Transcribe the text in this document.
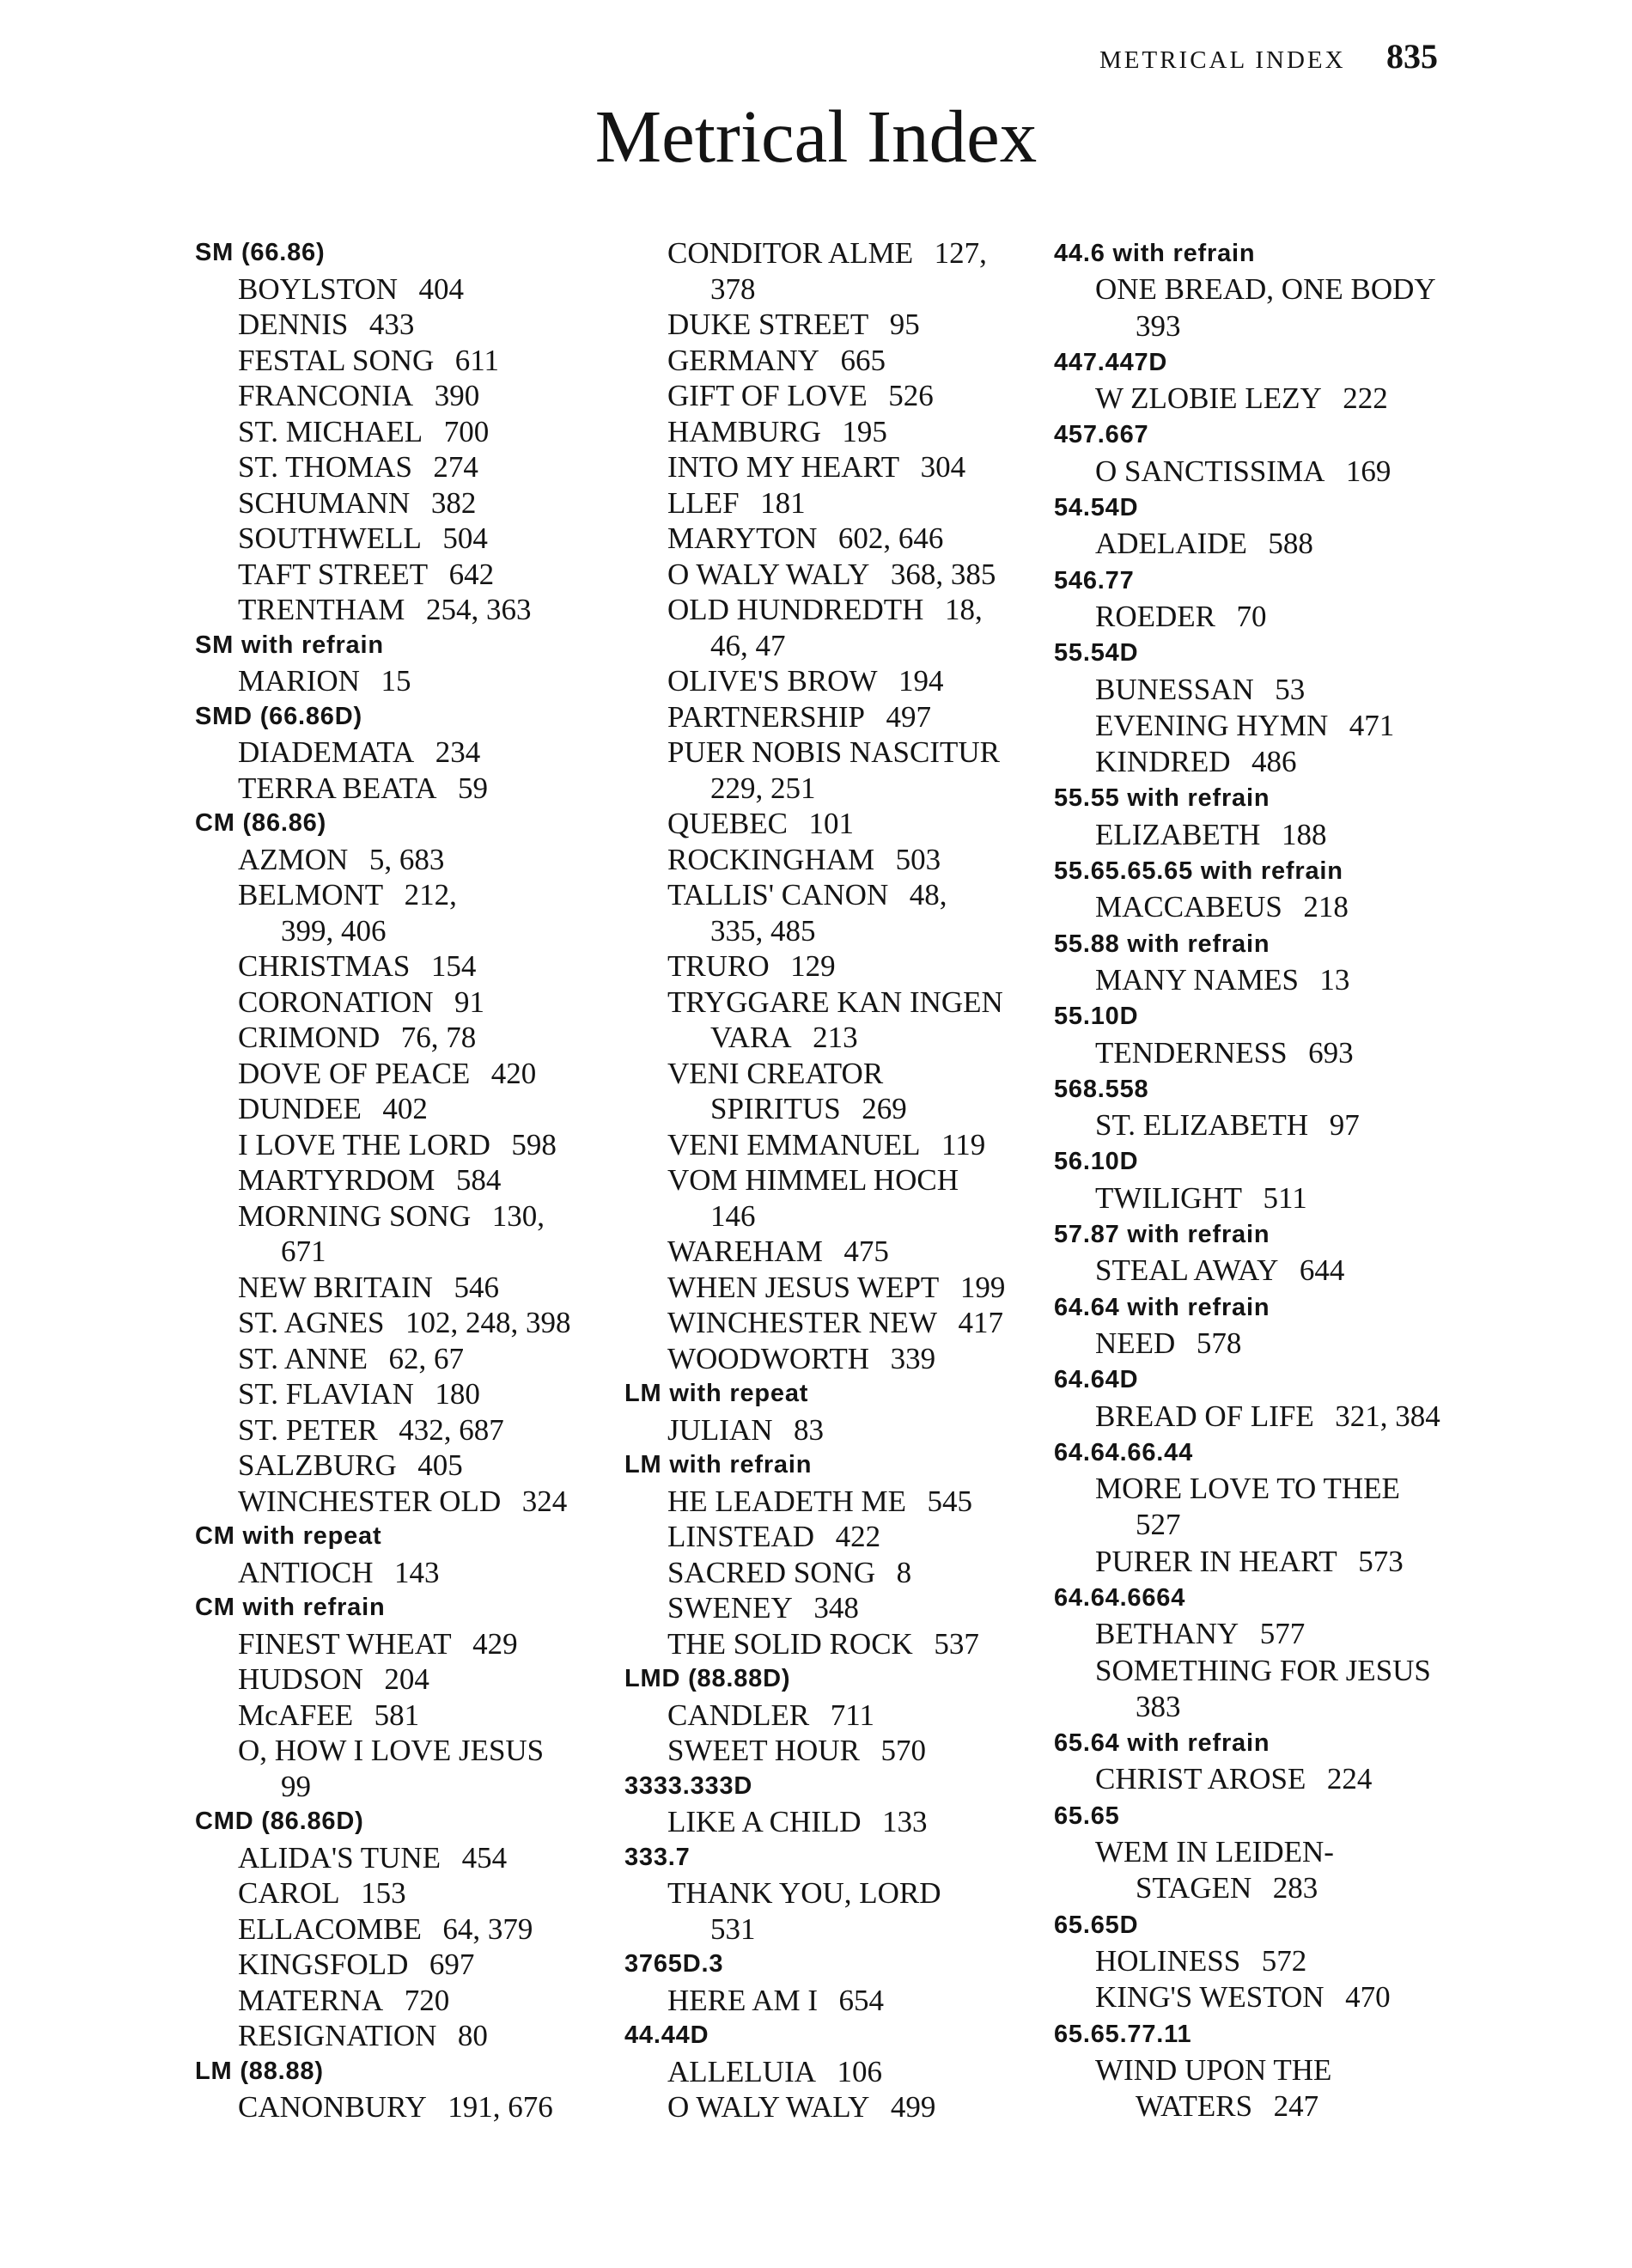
METRICAL INDEX 835
Metrical Index
SM (66.86)
BOYLSTON 404
DENNIS 433
FESTAL SONG 611
FRANCONIA 390
ST. MICHAEL 700
ST. THOMAS 274
SCHUMANN 382
SOUTHWELL 504
TAFT STREET 642
TRENTHAM 254, 363
SM with refrain
MARION 15
SMD (66.86D)
DIADEMATA 234
TERRA BEATA 59
CM (86.86)
AZMON 5, 683
BELMONT 212,
399, 406
CHRISTMAS 154
CORONATION 91
CRIMOND 76, 78
DOVE OF PEACE 420
DUNDEE 402
I LOVE THE LORD 598
MARTYRDOM 584
MORNING SONG 130,
671
NEW BRITAIN 546
ST. AGNES 102, 248, 398
ST. ANNE 62, 67
ST. FLAVIAN 180
ST. PETER 432, 687
SALZBURG 405
WINCHESTER OLD 324
CM with repeat
ANTIOCH 143
CM with refrain
FINEST WHEAT 429
HUDSON 204
McAFEE 581
O, HOW I LOVE JESUS
99
CMD (86.86D)
ALIDA'S TUNE 454
CAROL 153
ELLACOMBE 64, 379
KINGSFOLD 697
MATERNA 720
RESIGNATION 80
LM (88.88)
CANONBURY 191, 676
CONDITOR ALME 127,
378
DUKE STREET 95
GERMANY 665
GIFT OF LOVE 526
HAMBURG 195
INTO MY HEART 304
LLEF 181
MARYTON 602, 646
O WALY WALY 368, 385
OLD HUNDREDTH 18,
46, 47
OLIVE'S BROW 194
PARTNERSHIP 497
PUER NOBIS NASCITUR
229, 251
QUEBEC 101
ROCKINGHAM 503
TALLIS' CANON 48,
335, 485
TRURO 129
TRYGGARE KAN INGEN
VARA 213
VENI CREATOR
SPIRITUS 269
VENI EMMANUEL 119
VOM HIMMEL HOCH
146
WAREHAM 475
WHEN JESUS WEPT 199
WINCHESTER NEW 417
WOODWORTH 339
LM with repeat
JULIAN 83
LM with refrain
HE LEADETH ME 545
LINSTEAD 422
SACRED SONG 8
SWENEY 348
THE SOLID ROCK 537
LMD (88.88D)
CANDLER 711
SWEET HOUR 570
3333.333D
LIKE A CHILD 133
333.7
THANK YOU, LORD
531
3765D.3
HERE AM I 654
44.44D
ALLELUIA 106
O WALY WALY 499
44.6 with refrain
ONE BREAD, ONE BODY
393
447.447D
W ZLOBIE LEZY 222
457.667
O SANCTISSIMA 169
54.54D
ADELAIDE 588
546.77
ROEDER 70
55.54D
BUNESSAN 53
EVENING HYMN 471
KINDRED 486
55.55 with refrain
ELIZABETH 188
55.65.65.65 with refrain
MACCABEUS 218
55.88 with refrain
MANY NAMES 13
55.10D
TENDERNESS 693
568.558
ST. ELIZABETH 97
56.10D
TWILIGHT 511
57.87 with refrain
STEAL AWAY 644
64.64 with refrain
NEED 578
64.64D
BREAD OF LIFE 321, 384
64.64.66.44
MORE LOVE TO THEE
527
PURER IN HEART 573
64.64.6664
BETHANY 577
SOMETHING FOR JESUS
383
65.64 with refrain
CHRIST AROSE 224
65.65
WEM IN LEIDEN-
STAGEN 283
65.65D
HOLINESS 572
KING'S WESTON 470
65.65.77.11
WIND UPON THE
WATERS 247
